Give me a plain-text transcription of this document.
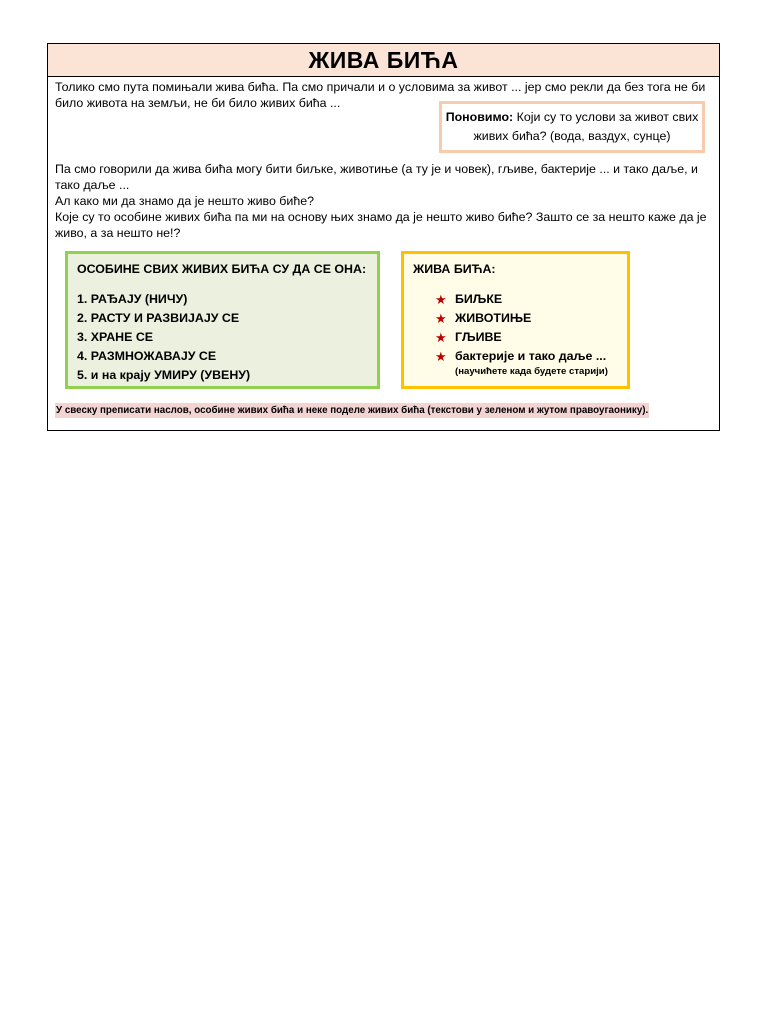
ЖИВА БИЋА

Толико смо пута помињали жива бића. Па смо причали и о условима за живот ... јер смо рекли да без тога не би било живота на земљи, не би било живих бића ...

Поновимо: Који су то услови за живот свих живих бића? (вода, ваздух, сунце)

Па смо говорили да жива бића могу бити биљке, животиње (а ту је и човек), гљиве, бактерије ... и тако даље, и тако даље ...
Ал како ми да знамо да је нешто живо биће?
Које су то особине живих бића па ми на основу њих знамо да је нешто живо биће? Зашто се за нешто каже да је живо, а за нешто не!?

ОСОБИНЕ СВИХ ЖИВИХ БИЋА СУ ДА СЕ ОНА:

1. РАЂАЈУ (НИЧУ)
2. РАСТУ И РАЗВИЈАЈУ СЕ
3. ХРАНЕ СЕ
4. РАЗМНОЖАВАЈУ СЕ
5. и на крају УМИРУ (УВЕНУ)

ЖИВА БИЋА:

★ БИЉКЕ
★ ЖИВОТИЊЕ
★ ГЉИВЕ
★ бактерије и тако даље ...
(научићете када будете старији)
У свеску преписати наслов, особине живих бића и неке поделе живих бића (текстови у зеленом и жутом правоугаонику).
